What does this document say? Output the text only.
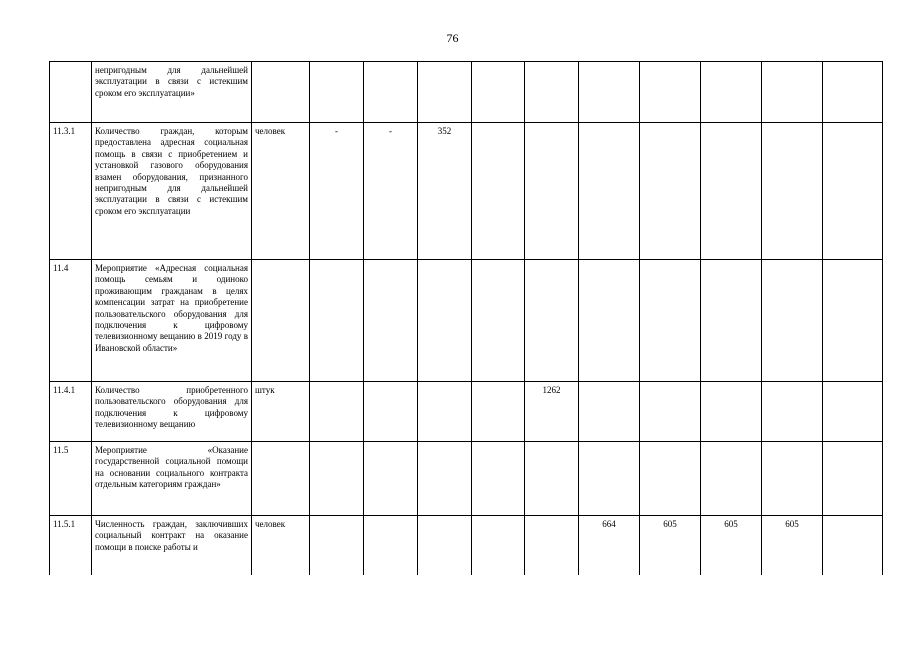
76
	непригодным для дальнейшей эксплуатации в связи с истекшим сроком его эксплуатации»												
11.3.1	Количество граждан, которым предоставлена адресная социальная помощь в связи с приобретением и установкой газового оборудования взамен оборудования, признанного непригодным для дальнейшей эксплуатации в связи с истекшим сроком его эксплуатации	человек	-	-	352								
11.4	Мероприятие «Адресная социальная помощь семьям и одиноко проживающим гражданам в целях компенсации затрат на приобретение пользовательского оборудования для подключения к цифровому телевизионному вещанию в 2019 году в Ивановской области»												
11.4.1	Количество приобретенного пользовательского оборудования для подключения к цифровому телевизионному вещанию	штук					1262						
11.5	Мероприятие «Оказание государственной социальной помощи на основании социального контракта отдельным категориям граждан»												
11.5.1	Численность граждан, заключивших социальный контракт на оказание помощи в поиске работы и	человек						664	605	605	605		
